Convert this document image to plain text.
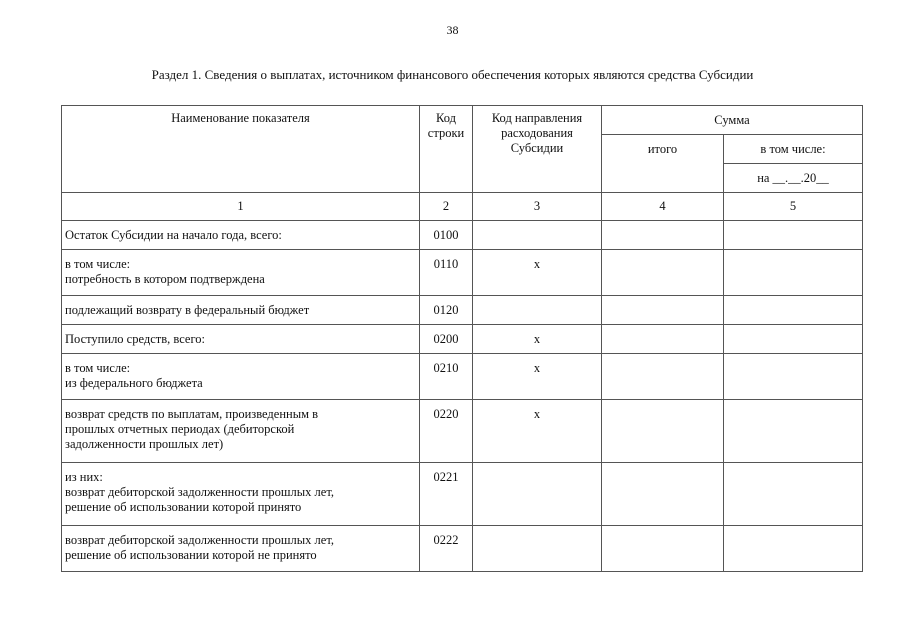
38
Раздел 1. Сведения о выплатах, источником финансового обеспечения которых являются средства Субсидии
Наименование показателя	Код строки	Код направления расходования Субсидии	Сумма	
			итого	в том числе:
				на __.__.20__
1	2	3	4	5

Остаток Субсидии на начало года, всего:	0100			

в том числе:
потребность в котором подтверждена	0110	х		

подлежащий возврату в федеральный бюджет	0120			

Поступило средств, всего:	0200	х		

в том числе:
из федерального бюджета	0210	х		

возврат средств по выплатам, произведенным в
прошлых отчетных периодах (дебиторской
задолженности прошлых лет)	0220	х		

из них:
возврат дебиторской задолженности прошлых лет,
решение об использовании которой принято	0221			

возврат дебиторской задолженности прошлых лет,
решение об использовании которой не принято	0222			
